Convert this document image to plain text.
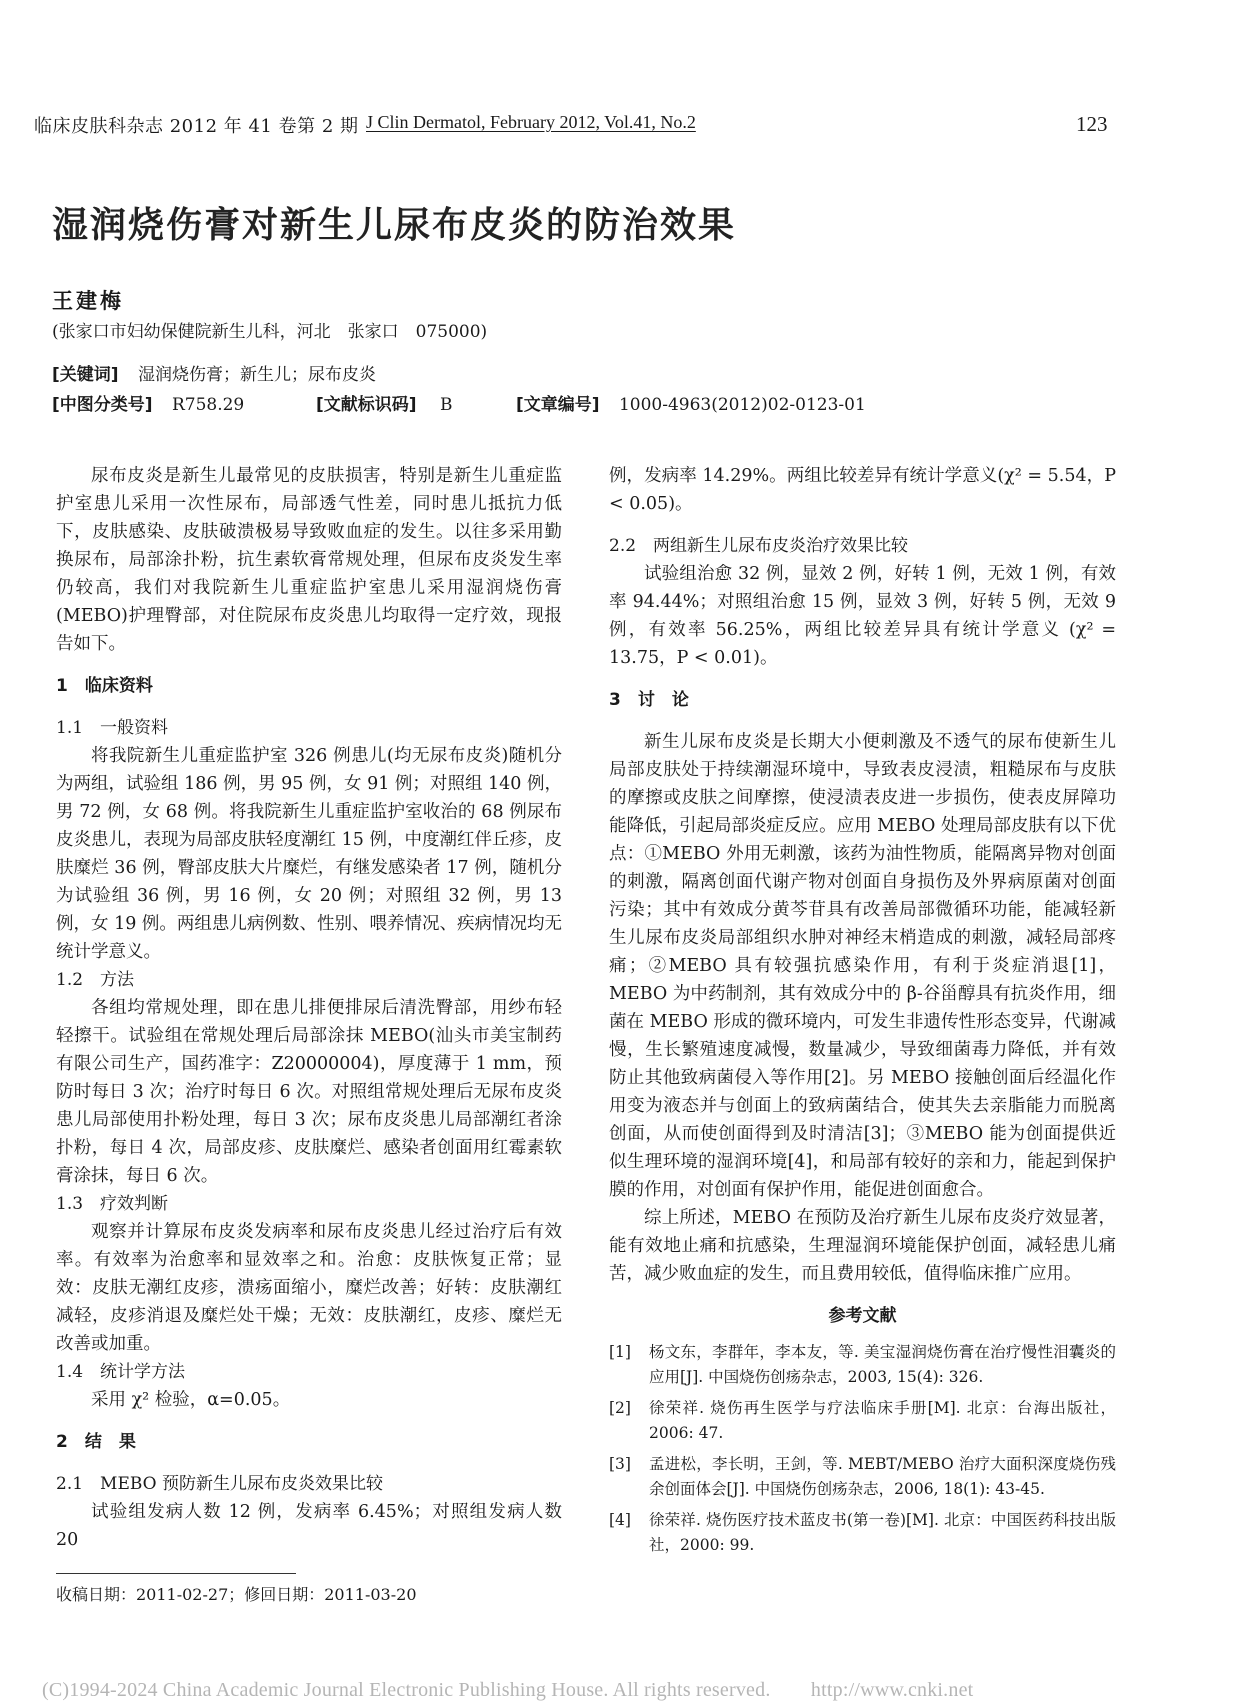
临床皮肤科杂志 2012 年 41 卷第 2 期 J Clin Dermatol, February 2012, Vol.41, No.2	123
湿润烧伤膏对新生儿尿布皮炎的防治效果
王建梅
(张家口市妇幼保健院新生儿科，河北　张家口　075000)
[关键词] 湿润烧伤膏；新生儿；尿布皮炎
[中图分类号] R758.29	[文献标识码] B	[文章编号] 1000-4963(2012)02-0123-01

尿布皮炎是新生儿最常见的皮肤损害，特别是新生儿重症监护室患儿采用一次性尿布，局部透气性差，同时患儿抵抗力低下，皮肤感染、皮肤破溃极易导致败血症的发生。以往多采用勤换尿布，局部涂扑粉，抗生素软膏常规处理，但尿布皮炎发生率仍较高，我们对我院新生儿重症监护室患儿采用湿润烧伤膏(MEBO)护理臀部，对住院尿布皮炎患儿均取得一定疗效，现报告如下。

1　临床资料
1.1　一般资料

将我院新生儿重症监护室 326 例患儿(均无尿布皮炎)随机分为两组，试验组 186 例，男 95 例，女 91 例；对照组 140 例，男 72 例，女 68 例。将我院新生儿重症监护室收治的 68 例尿布皮炎患儿，表现为局部皮肤轻度潮红 15 例，中度潮红伴丘疹，皮肤糜烂 36 例，臀部皮肤大片糜烂，有继发感染者 17 例，随机分为试验组 36 例，男 16 例，女 20 例；对照组 32 例，男 13 例，女 19 例。两组患儿病例数、性别、喂养情况、疾病情况均无统计学意义。

1.2　方法

各组均常规处理，即在患儿排便排尿后清洗臀部，用纱布轻轻擦干。试验组在常规处理后局部涂抹 MEBO(汕头市美宝制药有限公司生产，国药准字：Z20000004)，厚度薄于 1 mm，预防时每日 3 次；治疗时每日 6 次。对照组常规处理后无尿布皮炎患儿局部使用扑粉处理，每日 3 次；尿布皮炎患儿局部潮红者涂扑粉，每日 4 次，局部皮疹、皮肤糜烂、感染者创面用红霉素软膏涂抹，每日 6 次。

1.3　疗效判断

观察并计算尿布皮炎发病率和尿布皮炎患儿经过治疗后有效率。有效率为治愈率和显效率之和。治愈：皮肤恢复正常；显效：皮肤无潮红皮疹，溃疡面缩小，糜烂改善；好转：皮肤潮红减轻，皮疹消退及糜烂处干燥；无效：皮肤潮红，皮疹、糜烂无改善或加重。

1.4　统计学方法

采用 χ² 检验，α=0.05。

2　结　果
2.1　MEBO 预防新生儿尿布皮炎效果比较

试验组发病人数 12 例，发病率 6.45%；对照组发病人数 20

例，发病率 14.29%。两组比较差异有统计学意义(χ² = 5.54，P < 0.05)。

2.2　两组新生儿尿布皮炎治疗效果比较

试验组治愈 32 例，显效 2 例，好转 1 例，无效 1 例，有效率 94.44%；对照组治愈 15 例，显效 3 例，好转 5 例，无效 9 例，有效率 56.25%，两组比较差异具有统计学意义 (χ² = 13.75，P < 0.01)。

3　讨　论

新生儿尿布皮炎是长期大小便刺激及不透气的尿布使新生儿局部皮肤处于持续潮湿环境中，导致表皮浸渍，粗糙尿布与皮肤的摩擦或皮肤之间摩擦，使浸渍表皮进一步损伤，使表皮屏障功能降低，引起局部炎症反应。应用 MEBO 处理局部皮肤有以下优点：①MEBO 外用无刺激，该药为油性物质，能隔离异物对创面的刺激，隔离创面代谢产物对创面自身损伤及外界病原菌对创面污染；其中有效成分黄芩苷具有改善局部微循环功能，能减轻新生儿尿布皮炎局部组织水肿对神经末梢造成的刺激，减轻局部疼痛；②MEBO 具有较强抗感染作用，有利于炎症消退[1]，MEBO 为中药制剂，其有效成分中的 β-谷甾醇具有抗炎作用，细菌在 MEBO 形成的微环境内，可发生非遗传性形态变异，代谢减慢，生长繁殖速度减慢，数量减少，导致细菌毒力降低，并有效防止其他致病菌侵入等作用[2]。另 MEBO 接触创面后经温化作用变为液态并与创面上的致病菌结合，使其失去亲脂能力而脱离创面，从而使创面得到及时清洁[3]；③MEBO 能为创面提供近似生理环境的湿润环境[4]，和局部有较好的亲和力，能起到保护膜的作用，对创面有保护作用，能促进创面愈合。

综上所述，MEBO 在预防及治疗新生儿尿布皮炎疗效显著，能有效地止痛和抗感染，生理湿润环境能保护创面，减轻患儿痛苦，减少败血症的发生，而且费用较低，值得临床推广应用。

参考文献
[1]	杨文东，李群年，李本友，等. 美宝湿润烧伤膏在治疗慢性泪囊炎的应用[J]. 中国烧伤创疡杂志，2003, 15(4): 326.
[2]	徐荣祥. 烧伤再生医学与疗法临床手册[M]. 北京：台海出版社，2006: 47.
[3]	孟进松，李长明，王剑，等. MEBT/MEBO 治疗大面积深度烧伤残余创面体会[J]. 中国烧伤创疡杂志，2006, 18(1): 43-45.
[4]	徐荣祥. 烧伤医疗技术蓝皮书(第一卷)[M]. 北京：中国医药科技出版社，2000: 99.
收稿日期：2011-02-27；修回日期：2011-03-20
(C)1994-2024 China Academic Journal Electronic Publishing House. All rights reserved.　　http://www.cnki.net
